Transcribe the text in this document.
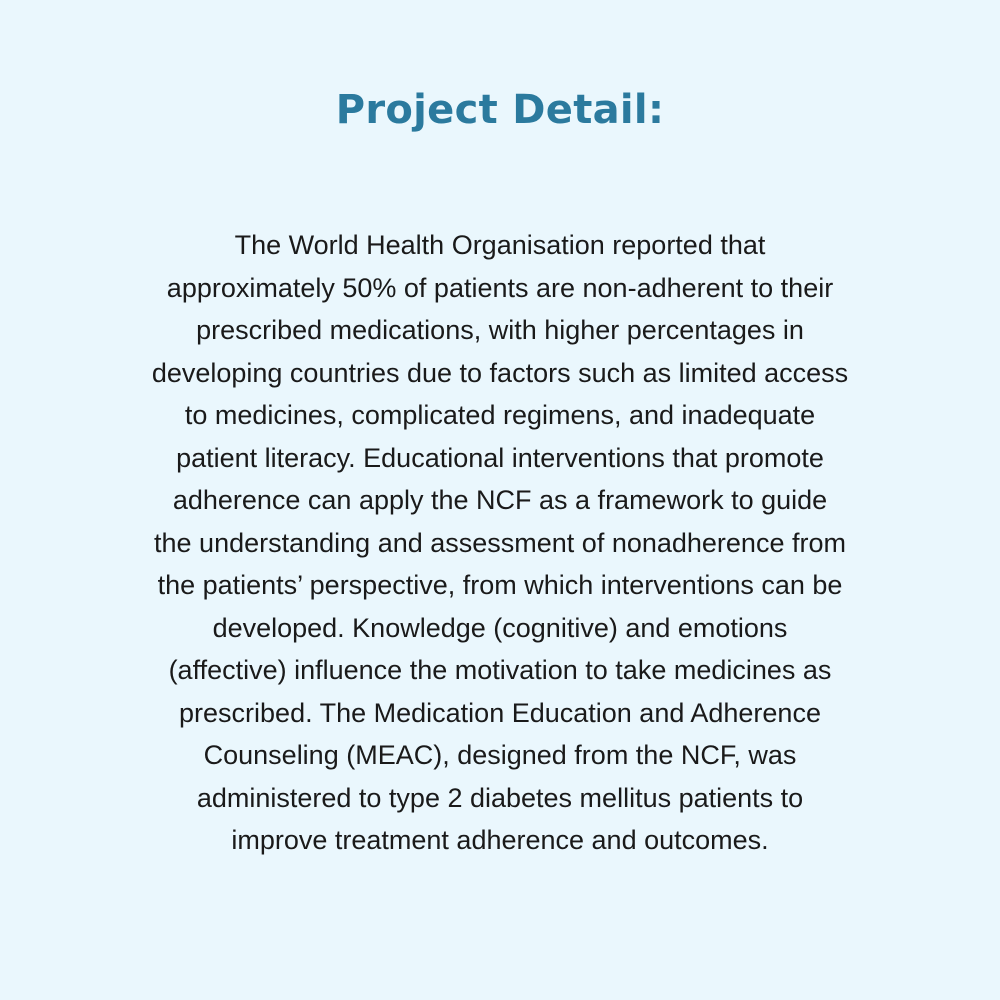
Project Detail:
The World Health Organisation reported that
approximately 50% of patients are non-adherent to their
prescribed medications, with higher percentages in
developing countries due to factors such as limited access
to medicines, complicated regimens, and inadequate
patient literacy. Educational interventions that promote
adherence can apply the NCF as a framework to guide
the understanding and assessment of nonadherence from
the patients’ perspective, from which interventions can be
developed. Knowledge (cognitive) and emotions
(affective) influence the motivation to take medicines as
prescribed. The Medication Education and Adherence
Counseling (MEAC), designed from the NCF, was
administered to type 2 diabetes mellitus patients to
improve treatment adherence and outcomes.
